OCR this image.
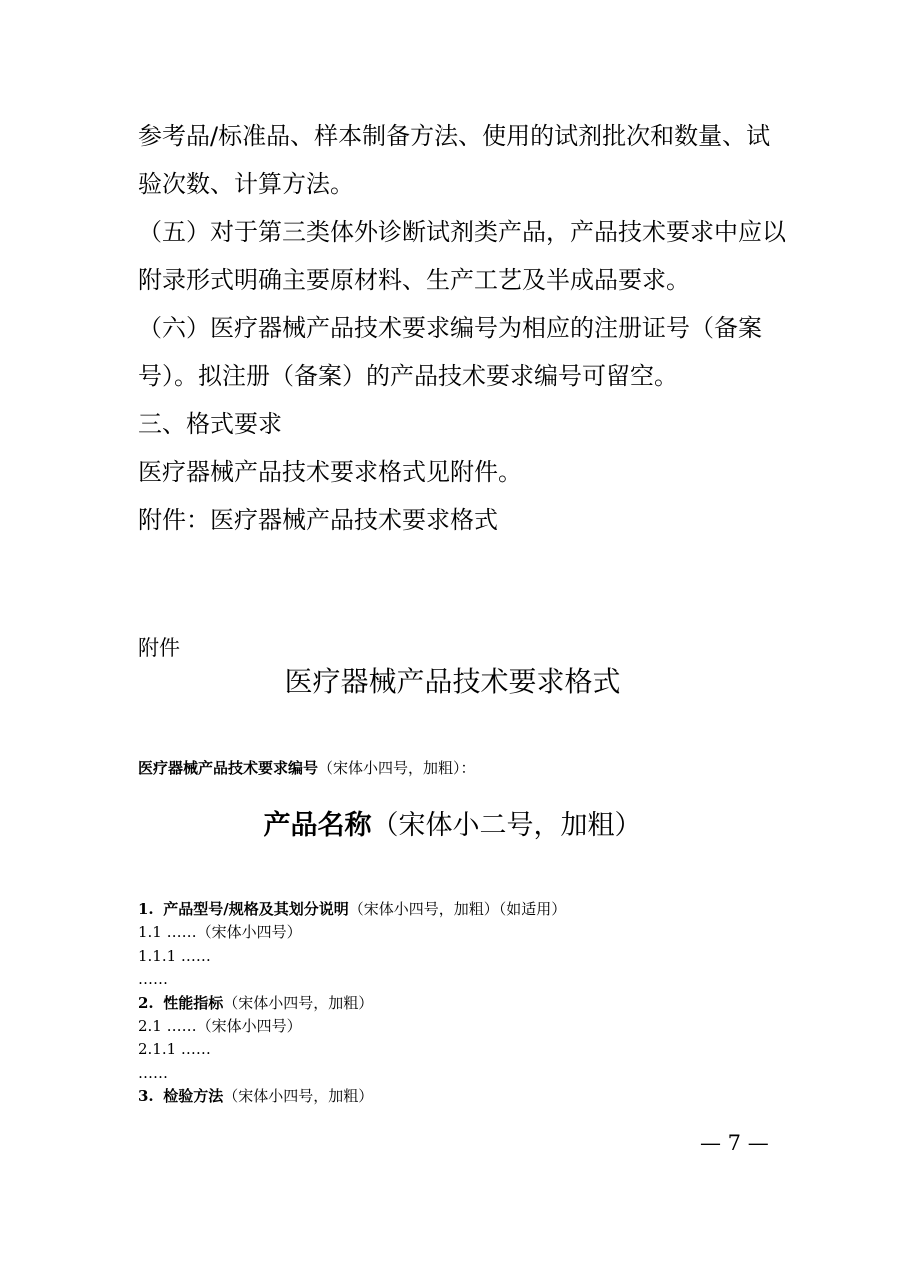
参考品/标准品、样本制备方法、使用的试剂批次和数量、试
验次数、计算方法。
（五）对于第三类体外诊断试剂类产品，产品技术要求中应以
附录形式明确主要原材料、生产工艺及半成品要求。
（六）医疗器械产品技术要求编号为相应的注册证号（备案
号）。拟注册（备案）的产品技术要求编号可留空。
三、格式要求
医疗器械产品技术要求格式见附件。
附件：医疗器械产品技术要求格式

附件

医疗器械产品技术要求格式

医疗器械产品技术要求编号（宋体小四号，加粗）：

产品名称（宋体小二号，加粗）

1. 产品型号/规格及其划分说明（宋体小四号，加粗）（如适用）
1.1 ……（宋体小四号）
1.1.1 ……
……
2. 性能指标（宋体小四号，加粗）
2.1 ……（宋体小四号）
2.1.1 ……
……
3. 检验方法（宋体小四号，加粗）

— 7 —
